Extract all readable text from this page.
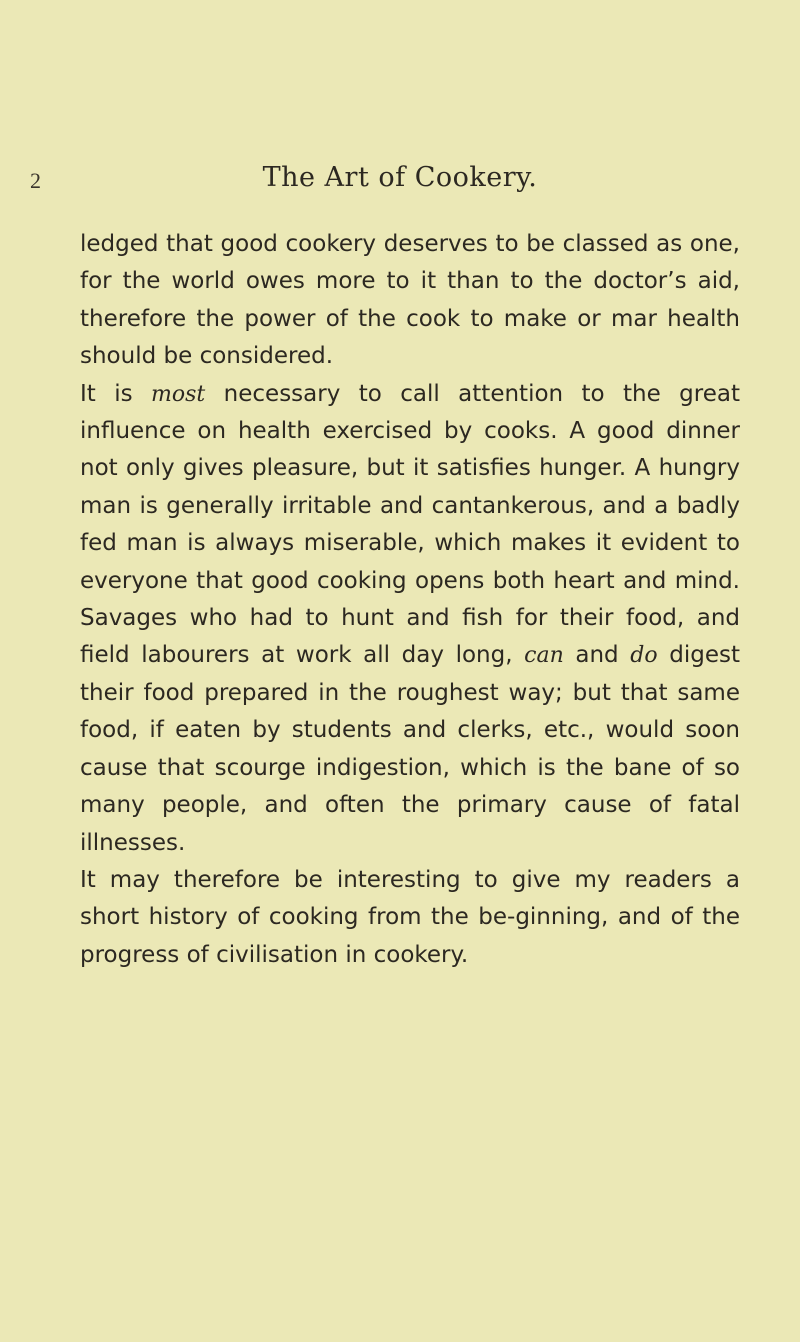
2	The Art of Cookery.

ledged that good cookery deserves to be classed as one, for the world owes more to it than to the doctor’s aid, therefore the power of the cook to make or mar health should be considered.

It is most necessary to call attention to the great influence on health exercised by cooks. A good dinner not only gives pleasure, but it satisfies hunger. A hungry man is generally irritable and cantankerous, and a badly fed man is always miserable, which makes it evident to everyone that good cooking opens both heart and mind. Savages who had to hunt and fish for their food, and field labourers at work all day long, can and do digest their food prepared in the roughest way; but that same food, if eaten by students and clerks, etc., would soon cause that scourge indigestion, which is the bane of so many people, and often the primary cause of fatal illnesses.

It may therefore be interesting to give my readers a short history of cooking from the be-ginning, and of the progress of civilisation in cookery.
